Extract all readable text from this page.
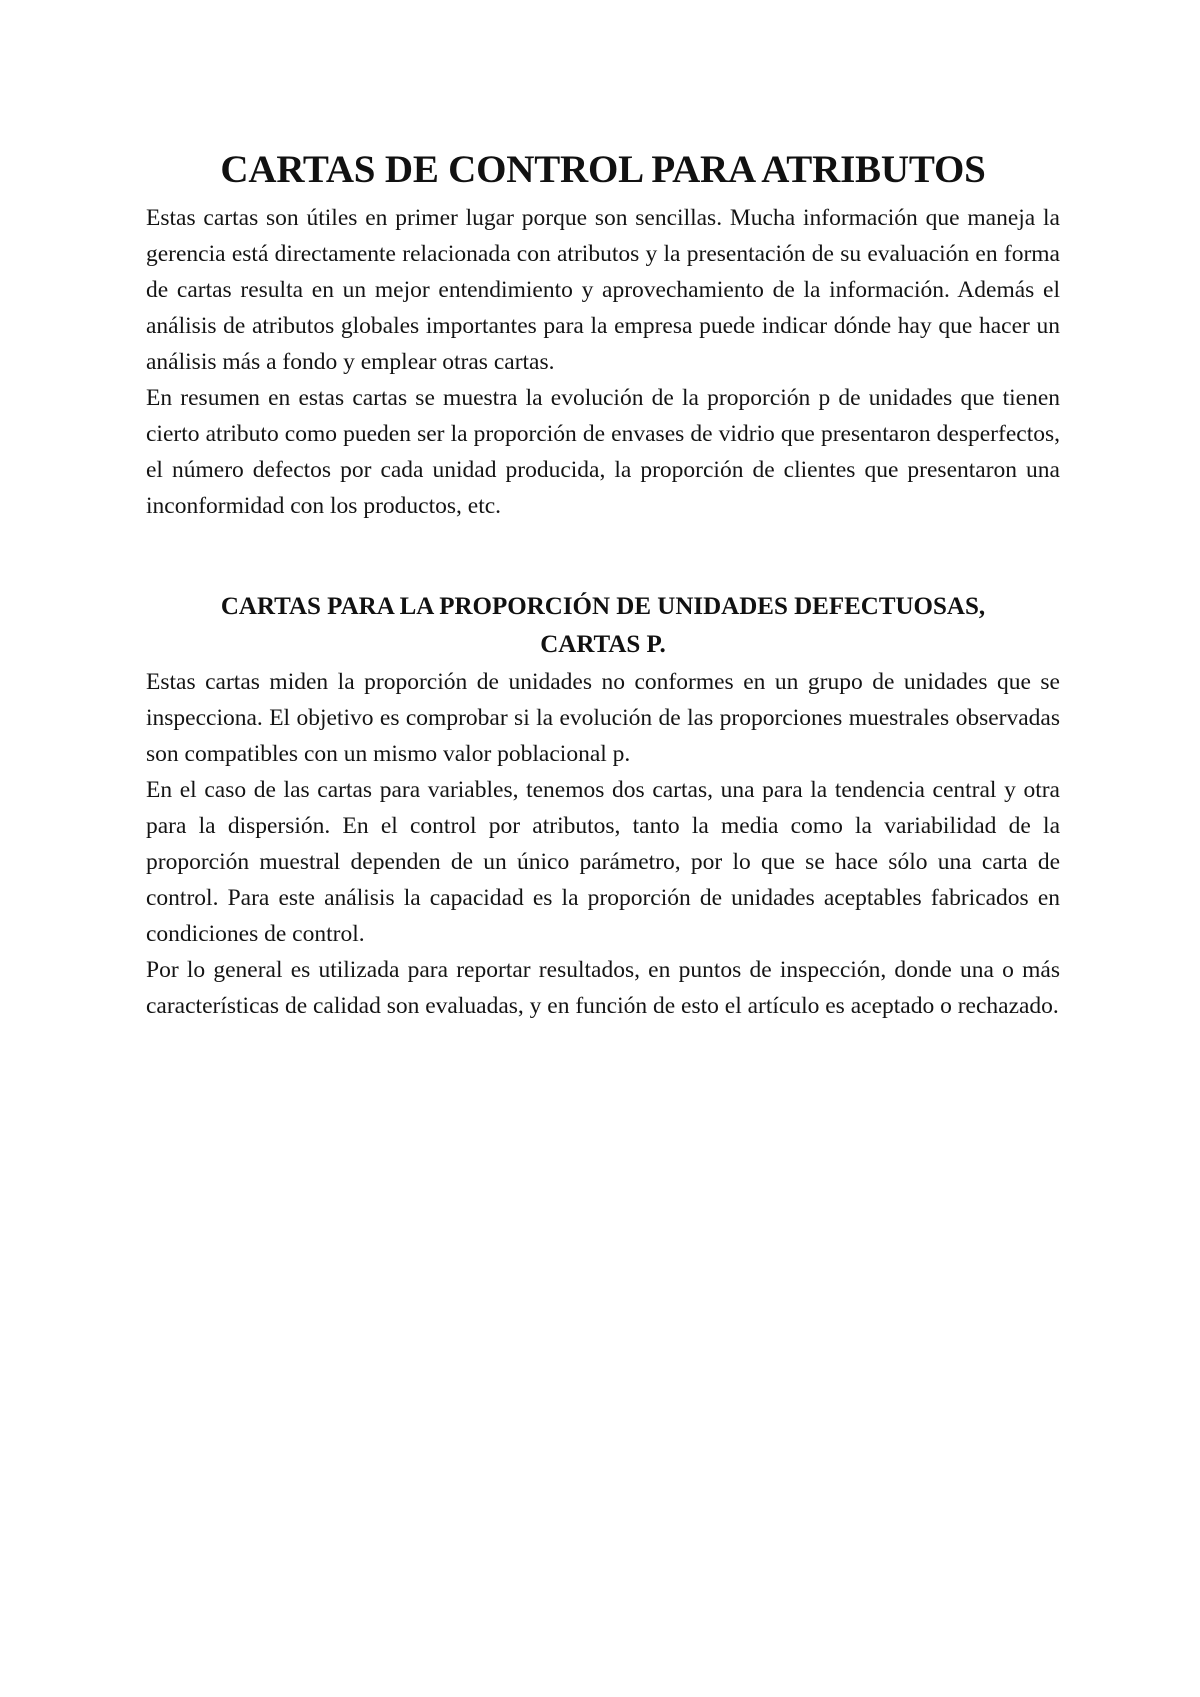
CARTAS DE CONTROL PARA ATRIBUTOS

Estas cartas son útiles en primer lugar porque son sencillas. Mucha información que maneja la gerencia está directamente relacionada con atributos y la presentación de su evaluación en forma de cartas resulta en un mejor entendimiento y aprovechamiento de la información. Además el análisis de atributos globales importantes para la empresa puede indicar dónde hay que hacer un análisis más a fondo y emplear otras cartas.

En resumen en estas cartas se muestra la evolución de la proporción p de unidades que tienen cierto atributo como pueden ser la proporción de envases de vidrio que presentaron desperfectos, el número defectos por cada unidad producida, la proporción de clientes que presentaron una inconformidad con los productos, etc.

CARTAS PARA LA PROPORCIÓN DE UNIDADES DEFECTUOSAS,
CARTAS P.

Estas cartas miden la proporción de unidades no conformes en un grupo de unidades que se inspecciona. El objetivo es comprobar si la evolución de las proporciones muestrales observadas son compatibles con un mismo valor poblacional p.

En el caso de las cartas para variables, tenemos dos cartas, una para la tendencia central y otra para la dispersión. En el control por atributos, tanto la media como la variabilidad de la proporción muestral dependen de un único parámetro, por lo que se hace sólo una carta de control. Para este análisis la capacidad es la proporción de unidades aceptables fabricados en condiciones de control.

Por lo general es utilizada para reportar resultados, en puntos de inspección, donde una o más características de calidad son evaluadas, y en función de esto el artículo es aceptado o rechazado.
